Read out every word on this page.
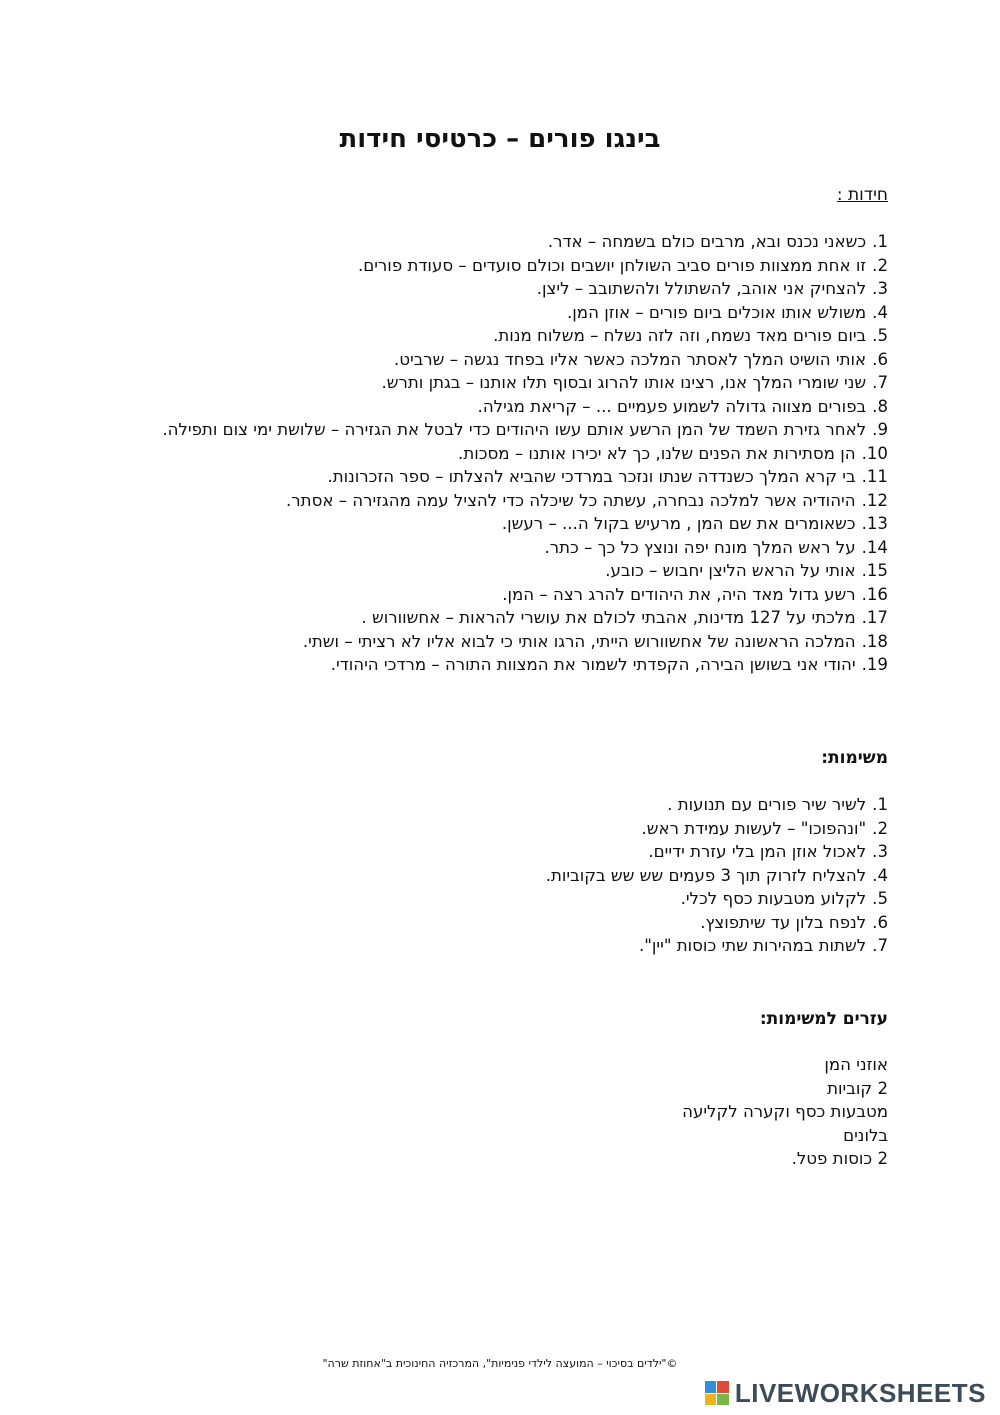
בינגו פורים – כרטיסי חידות
חידות :
1.
כשאני נכנס ובא, מרבים כולם בשמחה – אדר.
2.
זו אחת ממצוות פורים סביב השולחן יושבים וכולם סועדים – סעודת פורים.
3.
להצחיק אני אוהב, להשתולל ולהשתובב – ליצן.
4.
משולש אותו אוכלים ביום פורים – אוזן המן.
5.
ביום פורים מאד נשמח, וזה לזה נשלח – משלוח מנות.
6.
אותי הושיט המלך לאסתר המלכה כאשר אליו בפחד נגשה – שרביט.
7.
שני שומרי המלך אנו, רצינו אותו להרוג ובסוף תלו אותנו – בגתן ותרש.
8.
בפורים מצווה גדולה לשמוע פעמיים ... – קריאת מגילה.
9.
לאחר גזירת השמד של המן הרשע אותם עשו היהודים כדי לבטל את הגזירה – שלושת ימי צום ותפילה.
10.
הן מסתירות את הפנים שלנו, כך לא יכירו אותנו – מסכות.
11.
בי קרא המלך כשנדדה שנתו ונזכר במרדכי שהביא להצלתו – ספר הזכרונות.
12.
היהודיה אשר למלכה נבחרה, עשתה כל שיכלה כדי להציל עמה מהגזירה – אסתר.
13.
כשאומרים את שם המן , מרעיש בקול ה... – רעשן.
14.
על ראש המלך מונח יפה ונוצץ כל כך – כתר.
15.
אותי על הראש הליצן יחבוש – כובע.
16.
רשע גדול מאד היה, את היהודים להרג רצה – המן.
17.
מלכתי על 127 מדינות, אהבתי לכולם את עושרי להראות – אחשוורוש .
18.
המלכה הראשונה של אחשוורוש הייתי, הרגו אותי כי לבוא אליו לא רציתי – ושתי.
19.
יהודי אני בשושן הבירה, הקפדתי לשמור את המצוות התורה – מרדכי היהודי.
משימות:
1.
לשיר שיר פורים עם תנועות .
2.
"ונהפוכו" – לעשות עמידת ראש.
3.
לאכול אוזן המן בלי עזרת ידיים.
4.
להצליח לזרוק תוך 3 פעמים שש שש בקוביות.
5.
לקלוע מטבעות כסף לכלי.
6.
לנפח בלון עד שיתפוצץ.
7.
לשתות במהירות שתי כוסות "יין".
עזרים למשימות:
אוזני המן
2 קוביות
מטבעות כסף וקערה לקליעה
בלונים
2 כוסות פטל.
©"ילדים בסיכוי – המועצה לילדי פנימיות", המרכזיה החינוכית ב"אחוזת שרה"
LIVEWORKSHEETS
